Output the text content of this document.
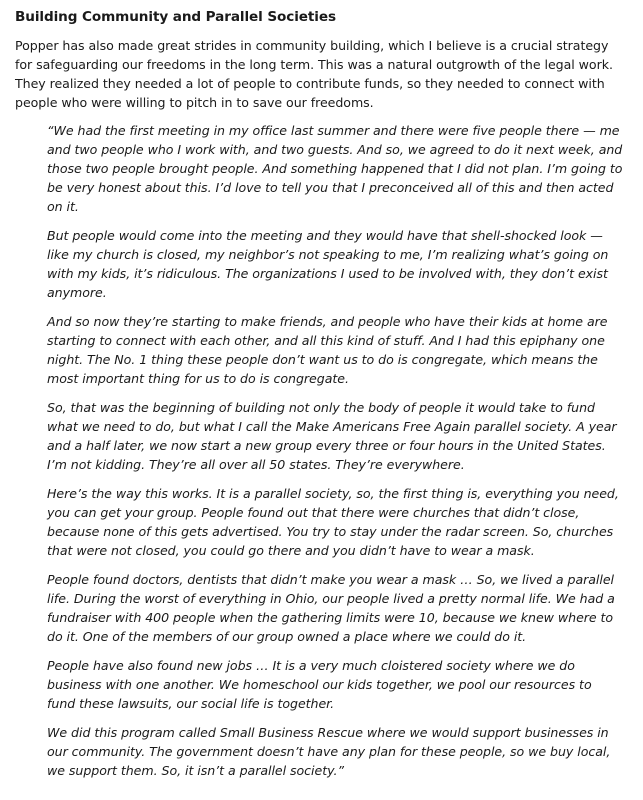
Building Community and Parallel Societies

Popper has also made great strides in community building, which I believe is a crucial strategy for safeguarding our freedoms in the long term. This was a natural outgrowth of the legal work. They realized they needed a lot of people to contribute funds, so they needed to connect with people who were willing to pitch in to save our freedoms.

“We had the first meeting in my office last summer and there were five people there — me and two people who I work with, and two guests. And so, we agreed to do it next week, and those two people brought people. And something happened that I did not plan. I’m going to be very honest about this. I’d love to tell you that I preconceived all of this and then acted on it.

But people would come into the meeting and they would have that shell-shocked look — like my church is closed, my neighbor’s not speaking to me, I’m realizing what’s going on with my kids, it’s ridiculous. The organizations I used to be involved with, they don’t exist anymore.

And so now they’re starting to make friends, and people who have their kids at home are starting to connect with each other, and all this kind of stuff. And I had this epiphany one night. The No. 1 thing these people don’t want us to do is congregate, which means the most important thing for us to do is congregate.

So, that was the beginning of building not only the body of people it would take to fund what we need to do, but what I call the Make Americans Free Again parallel society. A year and a half later, we now start a new group every three or four hours in the United States. I’m not kidding. They’re all over all 50 states. They’re everywhere.

Here’s the way this works. It is a parallel society, so, the first thing is, everything you need, you can get your group. People found out that there were churches that didn’t close, because none of this gets advertised. You try to stay under the radar screen. So, churches that were not closed, you could go there and you didn’t have to wear a mask.

People found doctors, dentists that didn’t make you wear a mask … So, we lived a parallel life. During the worst of everything in Ohio, our people lived a pretty normal life. We had a fundraiser with 400 people when the gathering limits were 10, because we knew where to do it. One of the members of our group owned a place where we could do it.

People have also found new jobs … It is a very much cloistered society where we do business with one another. We homeschool our kids together, we pool our resources to fund these lawsuits, our social life is together.

We did this program called Small Business Rescue where we would support businesses in our community. The government doesn’t have any plan for these people, so we buy local, we support them. So, it isn’t a parallel society.”
